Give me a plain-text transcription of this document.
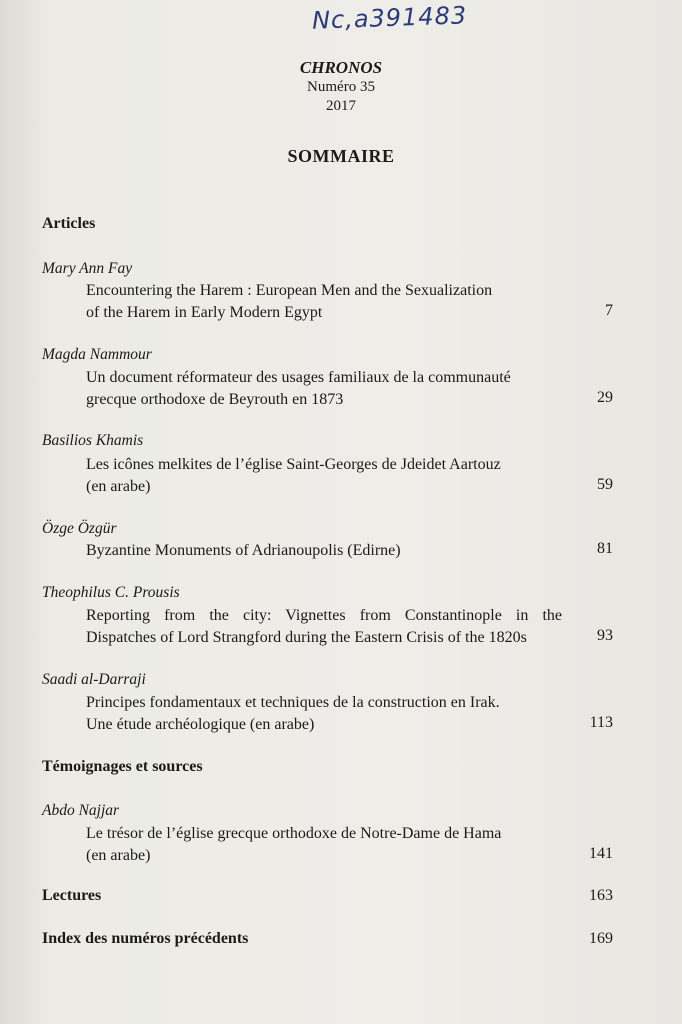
Nc,a391483
CHRONOS
Numéro 35
2017
SOMMAIRE
Articles
Mary Ann Fay
Encountering the Harem : European Men and the Sexualization
of the Harem in Early Modern Egypt	7
Magda Nammour
Un document réformateur des usages familiaux de la communauté
grecque orthodoxe de Beyrouth en 1873	29
Basilios Khamis
Les icônes melkites de l’église Saint-Georges de Jdeidet Aartouz
(en arabe)	59
Özge Özgür
Byzantine Monuments of Adrianoupolis (Edirne)	81
Theophilus C. Prousis
Reporting from the city: Vignettes from Constantinople in the
Dispatches of Lord Strangford during the Eastern Crisis of the 1820s	93
Saadi al-Darraji
Principes fondamentaux et techniques de la construction en Irak.
Une étude archéologique (en arabe)	113
Témoignages et sources
Abdo Najjar
Le trésor de l’église grecque orthodoxe de Notre-Dame de Hama
(en arabe)	141
Lectures	163
Index des numéros précédents	169
